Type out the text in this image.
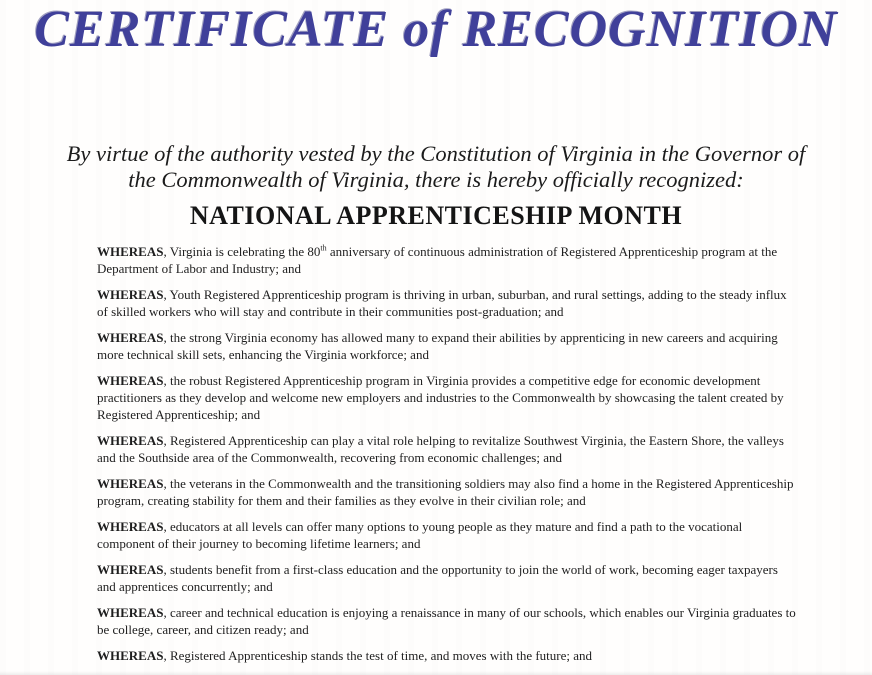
CERTIFICATE of RECOGNITION

By virtue of the authority vested by the Constitution of Virginia in the Governor of
the Commonwealth of Virginia, there is hereby officially recognized:

NATIONAL APPRENTICESHIP MONTH

WHEREAS, Virginia is celebrating the 80th anniversary of continuous administration of Registered Apprenticeship program at the Department of Labor and Industry; and

WHEREAS, Youth Registered Apprenticeship program is thriving in urban, suburban, and rural settings, adding to the steady influx of skilled workers who will stay and contribute in their communities post-graduation; and

WHEREAS, the strong Virginia economy has allowed many to expand their abilities by apprenticing in new careers and acquiring more technical skill sets, enhancing the Virginia workforce; and

WHEREAS, the robust Registered Apprenticeship program in Virginia provides a competitive edge for economic development practitioners as they develop and welcome new employers and industries to the Commonwealth by showcasing the talent created by Registered Apprenticeship; and

WHEREAS, Registered Apprenticeship can play a vital role helping to revitalize Southwest Virginia, the Eastern Shore, the valleys and the Southside area of the Commonwealth, recovering from economic challenges; and

WHEREAS, the veterans in the Commonwealth and the transitioning soldiers may also find a home in the Registered Apprenticeship program, creating stability for them and their families as they evolve in their civilian role; and

WHEREAS, educators at all levels can offer many options to young people as they mature and find a path to the vocational component of their journey to becoming lifetime learners; and

WHEREAS, students benefit from a first-class education and the opportunity to join the world of work, becoming eager taxpayers and apprentices concurrently; and

WHEREAS, career and technical education is enjoying a renaissance in many of our schools, which enables our Virginia graduates to be college, career, and citizen ready; and

WHEREAS, Registered Apprenticeship stands the test of time, and moves with the future; and
